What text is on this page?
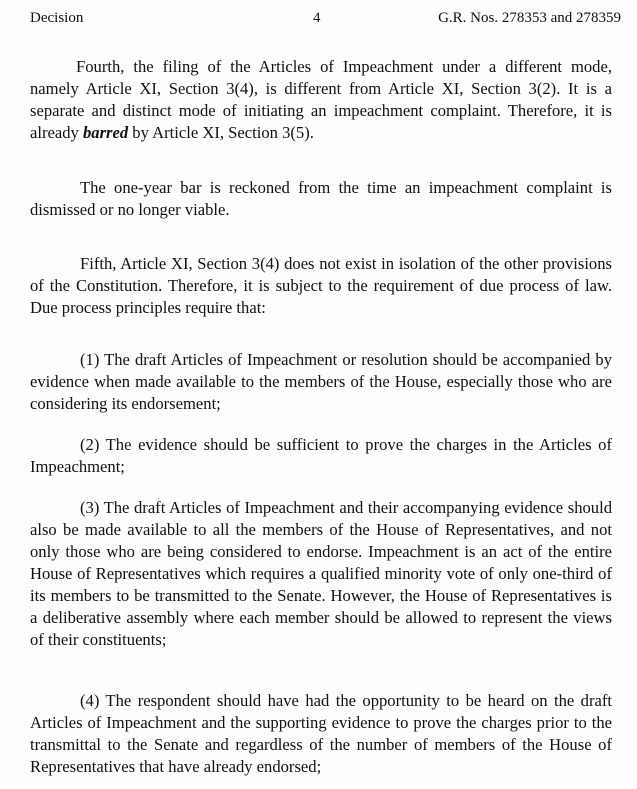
Decision	4	G.R. Nos. 278353 and 278359

Fourth, the filing of the Articles of Impeachment under a different mode, namely Article XI, Section 3(4), is different from Article XI, Section 3(2). It is a separate and distinct mode of initiating an impeachment complaint. Therefore, it is already barred by Article XI, Section 3(5).

The one-year bar is reckoned from the time an impeachment complaint is dismissed or no longer viable.

Fifth, Article XI, Section 3(4) does not exist in isolation of the other provisions of the Constitution. Therefore, it is subject to the requirement of due process of law. Due process principles require that:

(1) The draft Articles of Impeachment or resolution should be accompanied by evidence when made available to the members of the House, especially those who are considering its endorsement;

(2) The evidence should be sufficient to prove the charges in the Articles of Impeachment;

(3) The draft Articles of Impeachment and their accompanying evidence should also be made available to all the members of the House of Representatives, and not only those who are being considered to endorse. Impeachment is an act of the entire House of Representatives which requires a qualified minority vote of only one-third of its members to be transmitted to the Senate. However, the House of Representatives is a deliberative assembly where each member should be allowed to represent the views of their constituents;

(4) The respondent should have had the opportunity to be heard on the draft Articles of Impeachment and the supporting evidence to prove the charges prior to the transmittal to the Senate and regardless of the number of members of the House of Representatives that have already endorsed;
